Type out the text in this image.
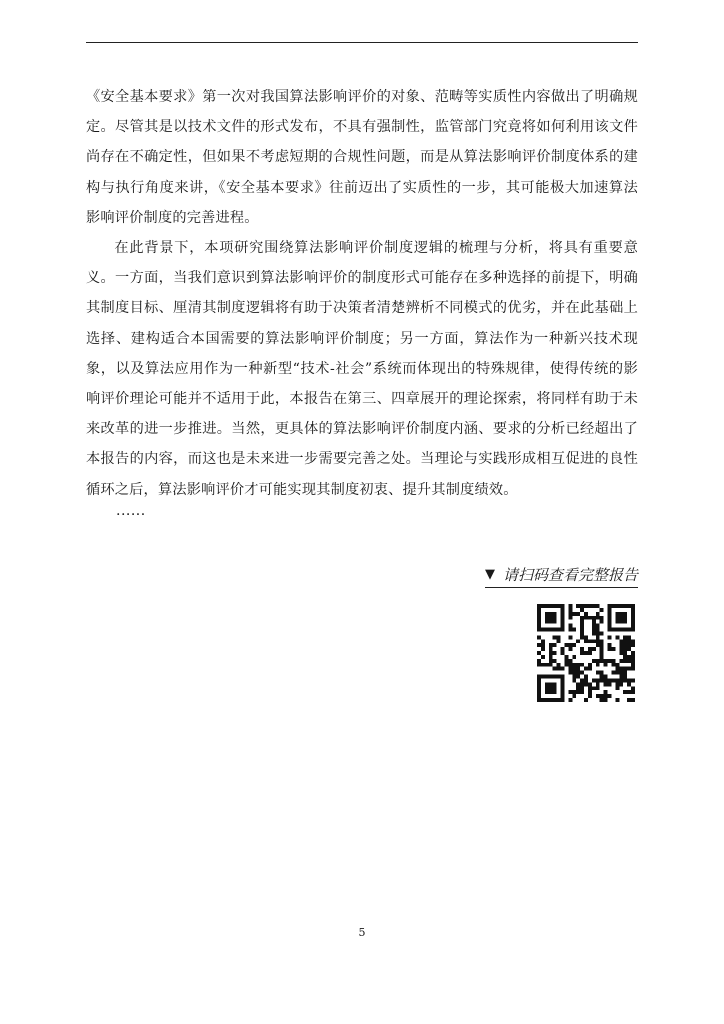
《安全基本要求》第一次对我国算法影响评价的对象、范畴等实质性内容做出了明确规定。尽管其是以技术文件的形式发布，不具有强制性，监管部门究竟将如何利用该文件尚存在不确定性，但如果不考虑短期的合规性问题，而是从算法影响评价制度体系的建构与执行角度来讲，《安全基本要求》往前迈出了实质性的一步，其可能极大加速算法影响评价制度的完善进程。

在此背景下，本项研究围绕算法影响评价制度逻辑的梳理与分析，将具有重要意义。一方面，当我们意识到算法影响评价的制度形式可能存在多种选择的前提下，明确其制度目标、厘清其制度逻辑将有助于决策者清楚辨析不同模式的优劣，并在此基础上选择、建构适合本国需要的算法影响评价制度；另一方面，算法作为一种新兴技术现象，以及算法应用作为一种新型“技术-社会”系统而体现出的特殊规律，使得传统的影响评价理论可能并不适用于此，本报告在第三、四章展开的理论探索，将同样有助于未来改革的进一步推进。当然，更具体的算法影响评价制度内涵、要求的分析已经超出了本报告的内容，而这也是未来进一步需要完善之处。当理论与实践形成相互促进的良性循环之后，算法影响评价才可能实现其制度初衷、提升其制度绩效。

......
▼ 请扫码查看完整报告
5
